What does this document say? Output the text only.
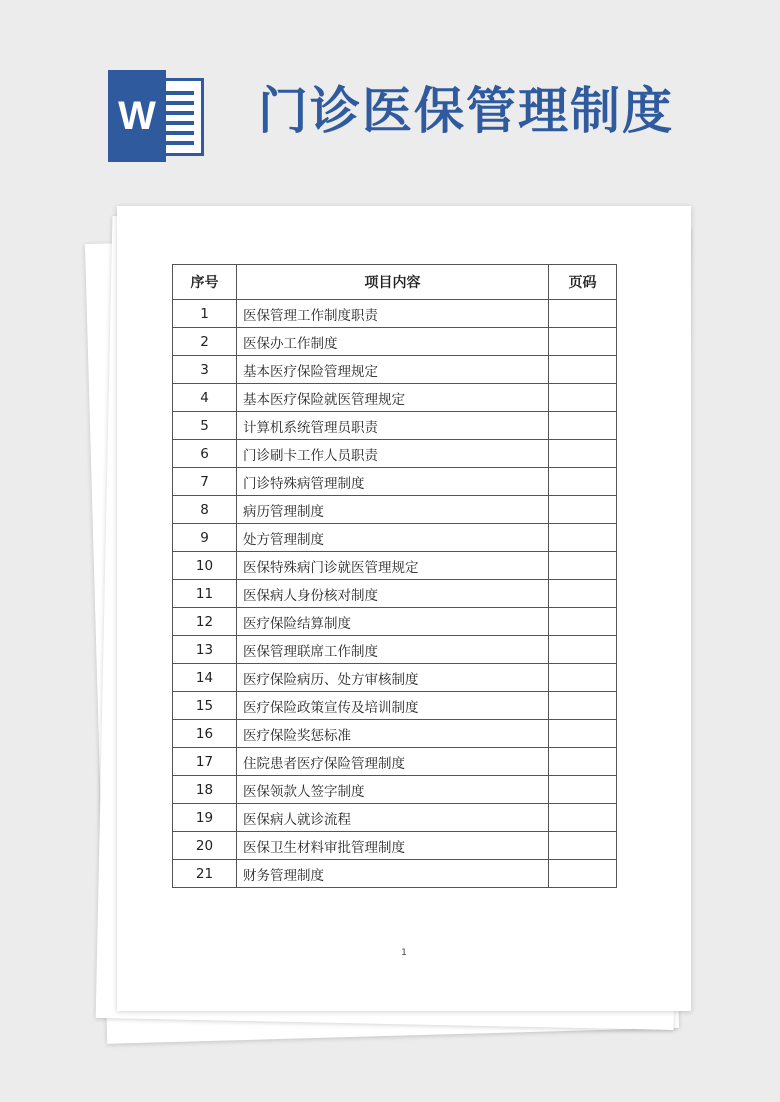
W 门诊医保管理制度
序号	项目内容	页码
1	医保管理工作制度职责	
2	医保办工作制度	
3	基本医疗保险管理规定	
4	基本医疗保险就医管理规定	
5	计算机系统管理员职责	
6	门诊刷卡工作人员职责	
7	门诊特殊病管理制度	
8	病历管理制度	
9	处方管理制度	
10	医保特殊病门诊就医管理规定	
11	医保病人身份核对制度	
12	医疗保险结算制度	
13	医保管理联席工作制度	
14	医疗保险病历、处方审核制度	
15	医疗保险政策宣传及培训制度	
16	医疗保险奖惩标准	
17	住院患者医疗保险管理制度	
18	医保领款人签字制度	
19	医保病人就诊流程	
20	医保卫生材料审批管理制度	
21	财务管理制度	
1
